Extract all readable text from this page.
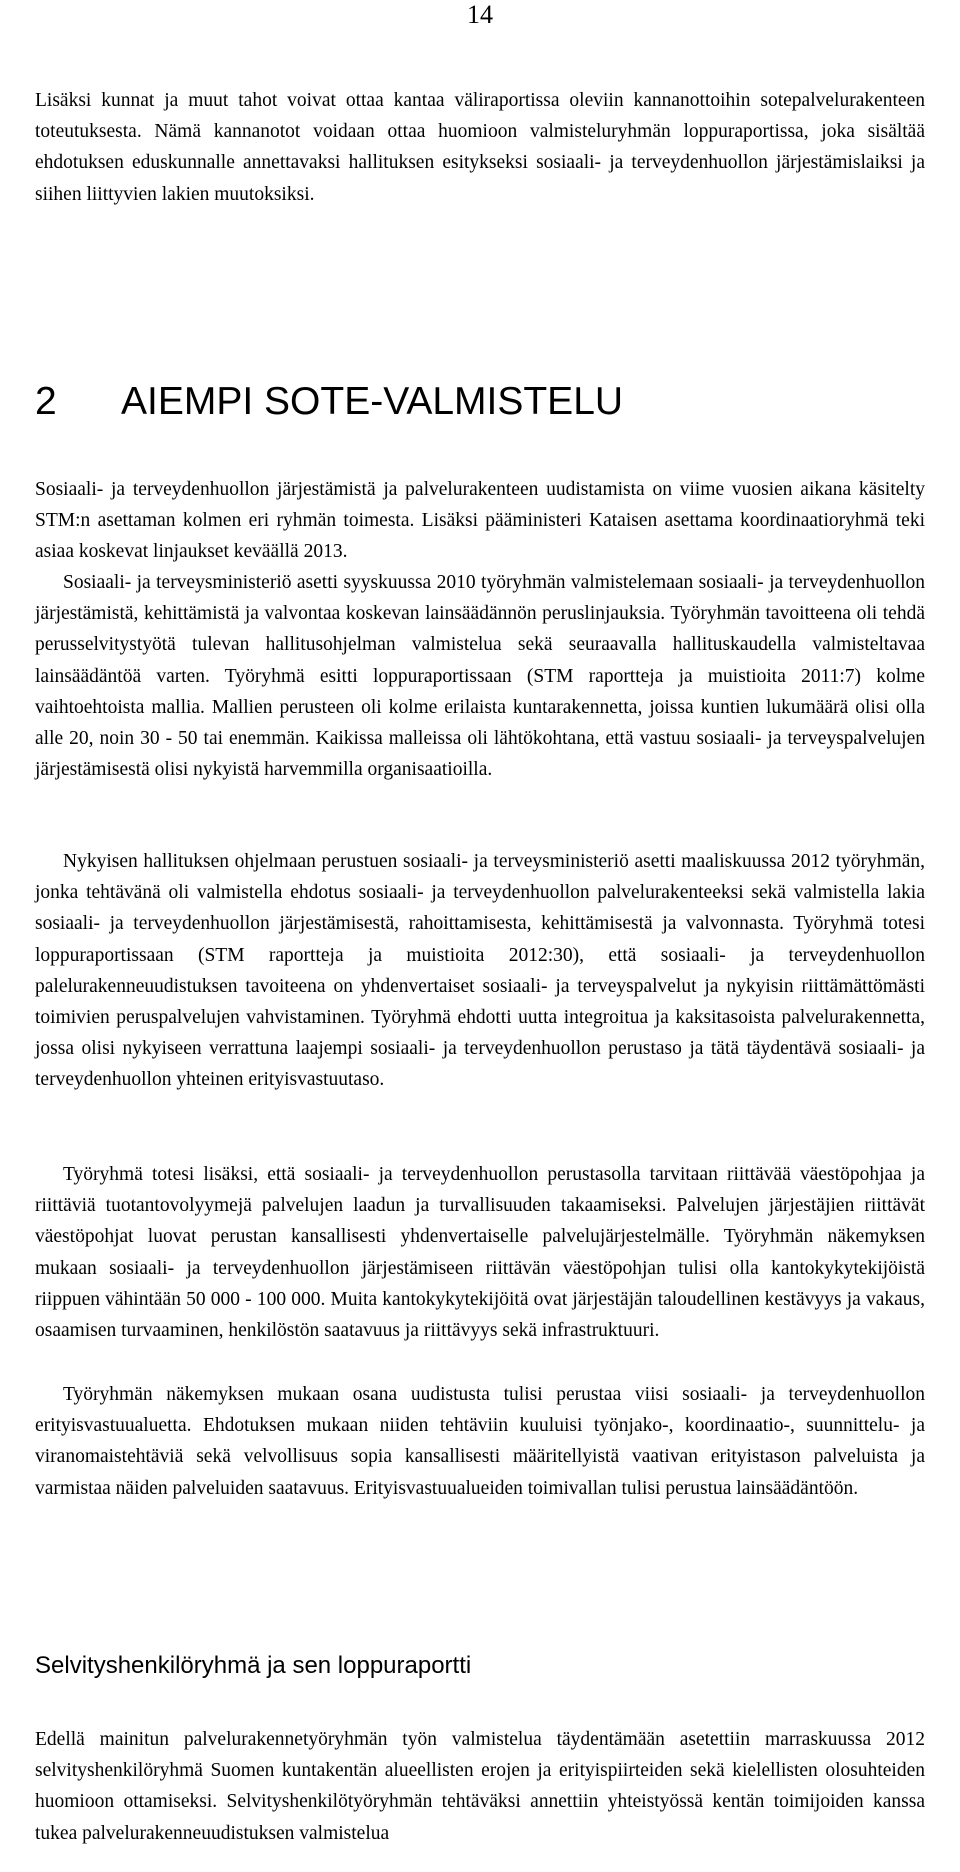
14

Lisäksi kunnat ja muut tahot voivat ottaa kantaa väliraportissa oleviin kannanottoihin sotepalvelurakenteen toteutuksesta. Nämä kannanotot voidaan ottaa huomioon valmisteluryhmän loppuraportissa, joka sisältää ehdotuksen eduskunnalle annettavaksi hallituksen esitykseksi sosiaali- ja terveydenhuollon järjestämislaiksi ja siihen liittyvien lakien muutoksiksi.

2 AIEMPI SOTE-VALMISTELU

Sosiaali- ja terveydenhuollon järjestämistä ja palvelurakenteen uudistamista on viime vuosien aikana käsitelty STM:n asettaman kolmen eri ryhmän toimesta. Lisäksi pääministeri Kataisen asettama koordinaatioryhmä teki asiaa koskevat linjaukset keväällä 2013.

Sosiaali- ja terveysministeriö asetti syyskuussa 2010 työryhmän valmistelemaan sosiaali- ja terveydenhuollon järjestämistä, kehittämistä ja valvontaa koskevan lainsäädännön peruslinjauksia. Työryhmän tavoitteena oli tehdä perusselvitystyötä tulevan hallitusohjelman valmistelua sekä seuraavalla hallituskaudella valmisteltavaa lainsäädäntöä varten. Työryhmä esitti loppuraportissaan (STM raportteja ja muistioita 2011:7) kolme vaihtoehtoista mallia. Mallien perusteen oli kolme erilaista kuntarakennetta, joissa kuntien lukumäärä olisi olla alle 20, noin 30 - 50 tai enemmän. Kaikissa malleissa oli lähtökohtana, että vastuu sosiaali- ja terveyspalvelujen järjestämisestä olisi nykyistä harvemmilla organisaatioilla.

Nykyisen hallituksen ohjelmaan perustuen sosiaali- ja terveysministeriö asetti maaliskuussa 2012 työryhmän, jonka tehtävänä oli valmistella ehdotus sosiaali- ja terveydenhuollon palvelurakenteeksi sekä valmistella lakia sosiaali- ja terveydenhuollon järjestämisestä, rahoittamisesta, kehittämisestä ja valvonnasta. Työryhmä totesi loppuraportissaan (STM raportteja ja muistioita 2012:30), että sosiaali- ja terveydenhuollon palelurakenneuudistuksen tavoiteena on yhdenvertaiset sosiaali- ja terveyspalvelut ja nykyisin riittämättömästi toimivien peruspalvelujen vahvistaminen. Työryhmä ehdotti uutta integroitua ja kaksitasoista palvelurakennetta, jossa olisi nykyiseen verrattuna laajempi sosiaali- ja terveydenhuollon perustaso ja tätä täydentävä sosiaali- ja terveydenhuollon yhteinen erityisvastuutaso.

Työryhmä totesi lisäksi, että sosiaali- ja terveydenhuollon perustasolla tarvitaan riittävää väestöpohjaa ja riittäviä tuotantovolyymejä palvelujen laadun ja turvallisuuden takaamiseksi. Palvelujen järjestäjien riittävät väestöpohjat luovat perustan kansallisesti yhdenvertaiselle palvelujärjestelmälle. Työryhmän näkemyksen mukaan sosiaali- ja terveydenhuollon järjestämiseen riittävän väestöpohjan tulisi olla kantokykytekijöistä riippuen vähintään 50 000 - 100 000. Muita kantokykytekijöitä ovat järjestäjän taloudellinen kestävyys ja vakaus, osaamisen turvaaminen, henkilöstön saatavuus ja riittävyys sekä infrastruktuuri.

Työryhmän näkemyksen mukaan osana uudistusta tulisi perustaa viisi sosiaali- ja terveydenhuollon erityisvastuualuetta. Ehdotuksen mukaan niiden tehtäviin kuuluisi työnjako-, koordinaatio-, suunnittelu- ja viranomaistehtäviä sekä velvollisuus sopia kansallisesti määritellyistä vaativan erityistason palveluista ja varmistaa näiden palveluiden saatavuus. Erityisvastuualueiden toimivallan tulisi perustua lainsäädäntöön.

Selvityshenkilöryhmä ja sen loppuraportti

Edellä mainitun palvelurakennetyöryhmän työn valmistelua täydentämään asetettiin marraskuussa 2012 selvityshenkilöryhmä Suomen kuntakentän alueellisten erojen ja erityispiirteiden sekä kielellisten olosuhteiden huomioon ottamiseksi. Selvityshenkilötyöryhmän tehtäväksi annettiin yhteistyössä kentän toimijoiden kanssa tukea palvelurakenneuudistuksen valmistelua
